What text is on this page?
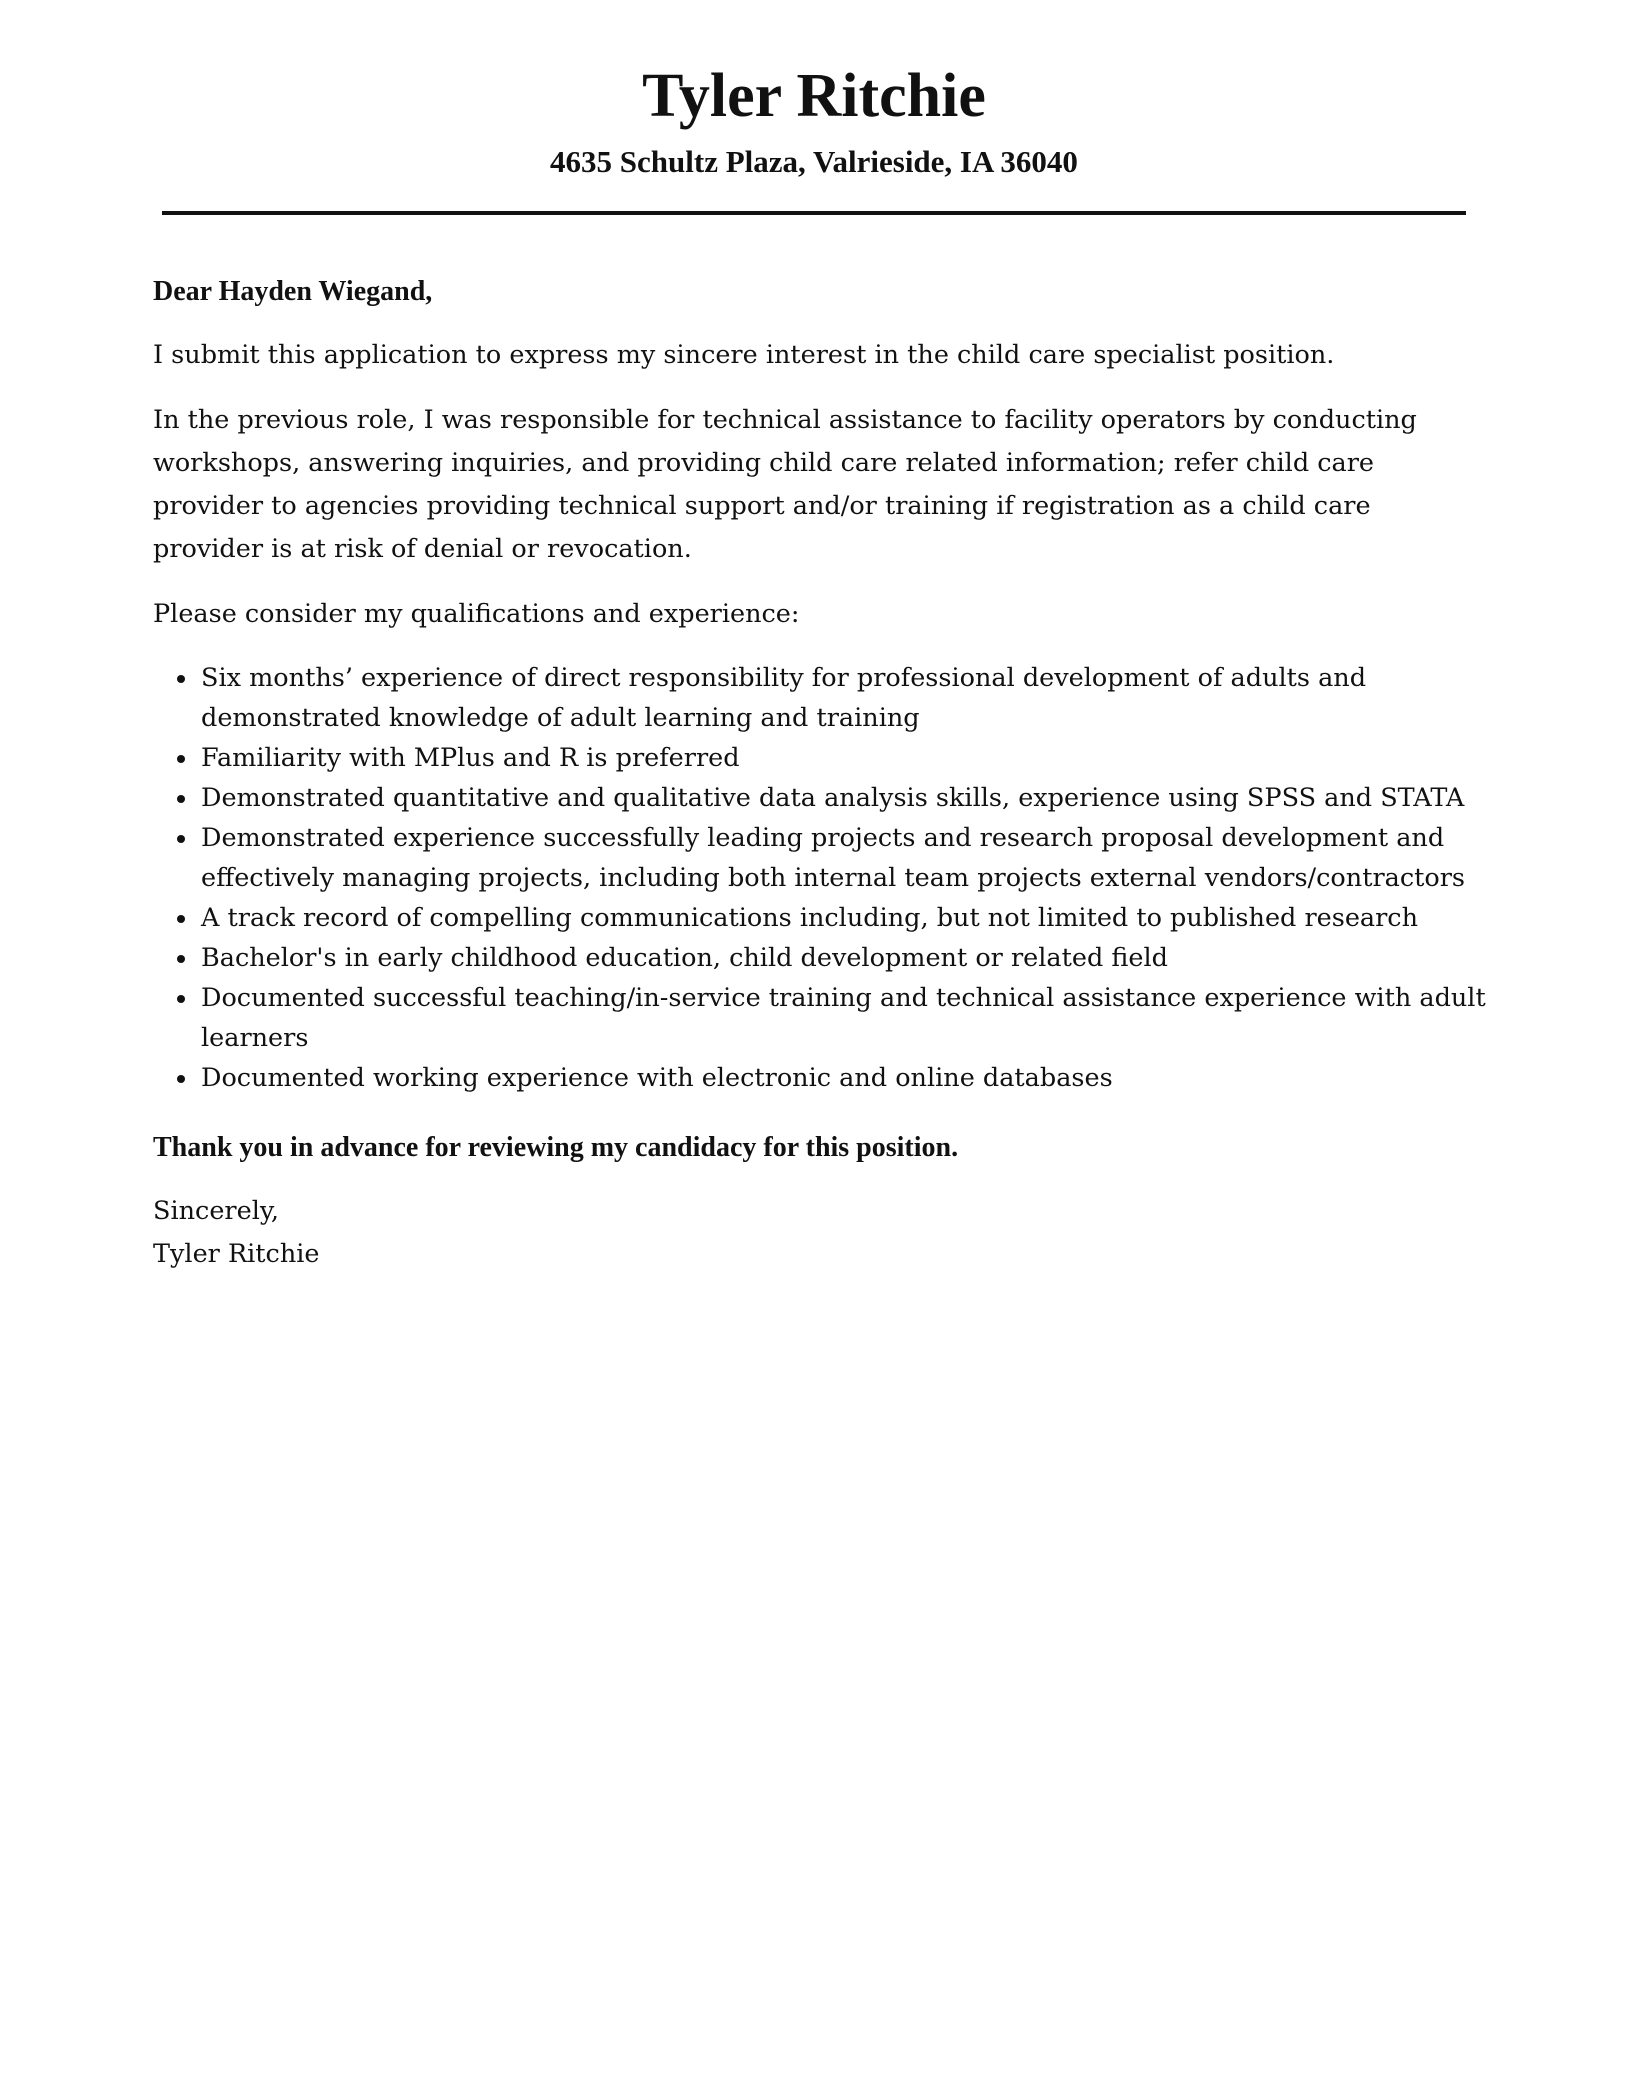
Tyler Ritchie
4635 Schultz Plaza, Valrieside, IA 36040

Dear Hayden Wiegand,

I submit this application to express my sincere interest in the child care specialist position.

In the previous role, I was responsible for technical assistance to facility operators by conducting workshops, answering inquiries, and providing child care related information; refer child care provider to agencies providing technical support and/or training if registration as a child care provider is at risk of denial or revocation.

Please consider my qualifications and experience:

Six months’ experience of direct responsibility for professional development of adults and demonstrated knowledge of adult learning and training
Familiarity with MPlus and R is preferred
Demonstrated quantitative and qualitative data analysis skills, experience using SPSS and STATA
Demonstrated experience successfully leading projects and research proposal development and effectively managing projects, including both internal team projects external vendors/contractors
A track record of compelling communications including, but not limited to published research
Bachelor's in early childhood education, child development or related field
Documented successful teaching/in-service training and technical assistance experience with adult learners
Documented working experience with electronic and online databases

Thank you in advance for reviewing my candidacy for this position.

Sincerely,

Tyler Ritchie
